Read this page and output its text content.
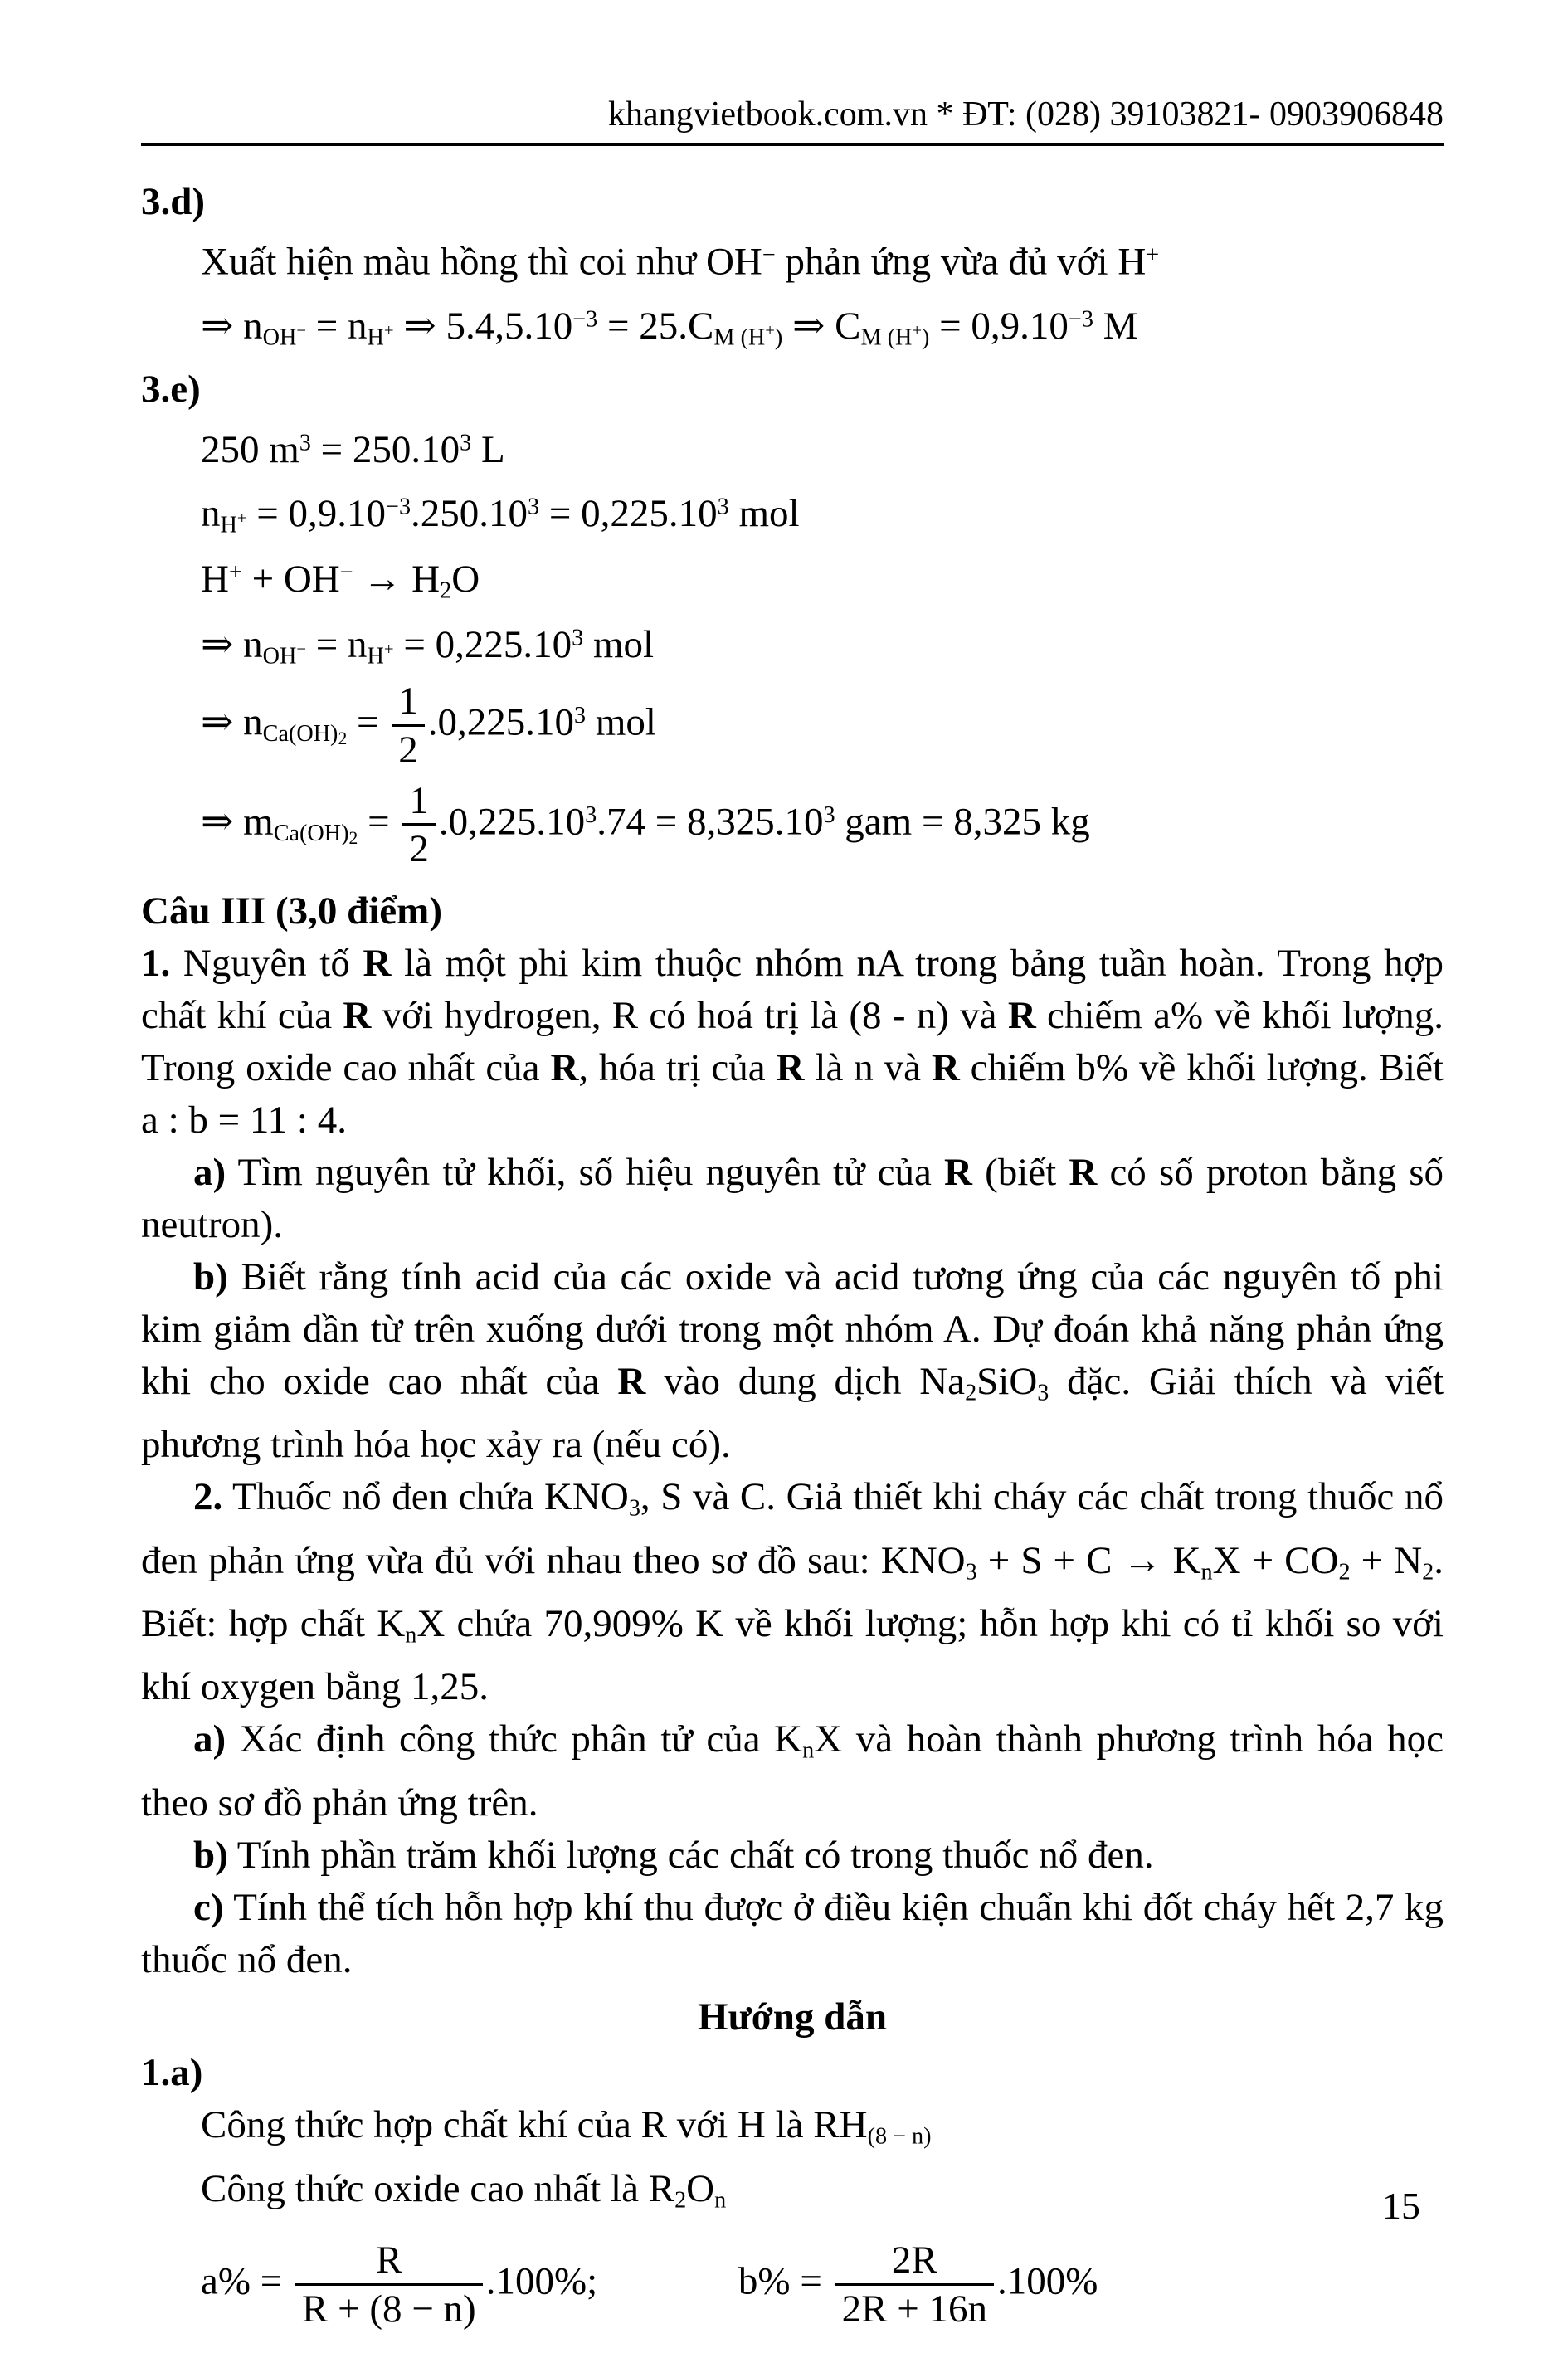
khangvietbook.com.vn * ĐT: (028) 39103821- 0903906848
3.d)
Xuất hiện màu hồng thì coi như OH− phản ứng vừa đủ với H+
⇒ nOH− = nH+ ⇒ $5.4,5.10^{-3} = 25.CM$ (H+) ⇒ CM $(H+) = 0,9.10^{-3}$ M
3.e)
250 $m^3 = 250.10^3$ L
$nH+ = 0,9.10^{-3}.250.10^3 = 0,225.10^3$ mol
H+ + OH− → H2O
⇒ $nOH- = nH+ = 0,225.10^3$ mol
⇒ $nCa(OH)_2 = \frac{1}{2} .0,225.10^3$ mol
⇒ $mCa(OH)_2 = \frac{1}{2} .0,225.10^3.74 = 8,325.10^3$ gam = 8,325 kg
Câu III (3,0 điểm)
1. Nguyên tố R là một phi kim thuộc nhóm nA trong bảng tuần hoàn. Trong hợp chất khí của R với hydrogen, R có hoá trị là (8 - n) và R chiếm a% về khối lượng. Trong oxide cao nhất của R, hóa trị của R là n và R chiếm b% về khối lượng. Biết a : b = 11 : 4.
a) Tìm nguyên tử khối, số hiệu nguyên tử của R (biết R có số proton bằng số neutron).
b) Biết rằng tính acid của các oxide và acid tương ứng của các nguyên tố phi kim giảm dần từ trên xuống dưới trong một nhóm A. Dự đoán khả năng phản ứng khi cho oxide cao nhất của R vào dung dịch Na2SiO3 đặc. Giải thích và viết phương trình hóa học xảy ra (nếu có).
2. Thuốc nổ đen chứa KNO3, S và C. Giả thiết khi cháy các chất trong thuốc nổ đen phản ứng vừa đủ với nhau theo sơ đồ sau: KNO3 + S + C → KnX + CO2 + N2. Biết: hợp chất KnX chứa 70,909% K về khối lượng; hỗn hợp khi có tỉ khối so với khí oxygen bằng 1,25.
a) Xác định công thức phân tử của KnX và hoàn thành phương trình hóa học theo sơ đồ phản ứng trên.
b) Tính phần trăm khối lượng các chất có trong thuốc nổ đen.
c) Tính thể tích hỗn hợp khí thu được ở điều kiện chuẩn khi đốt cháy hết 2,7 kg thuốc nổ đen.
Hướng dẫn
1.a)
Công thức hợp chất khí của R với H là RH(8 − n)
Công thức oxide cao nhất là R2On
$a\% = \frac{R}{R + (8 - n)} .100\%$;	$b\% = \frac{2R}{2R + 16n} .100\%$
15
